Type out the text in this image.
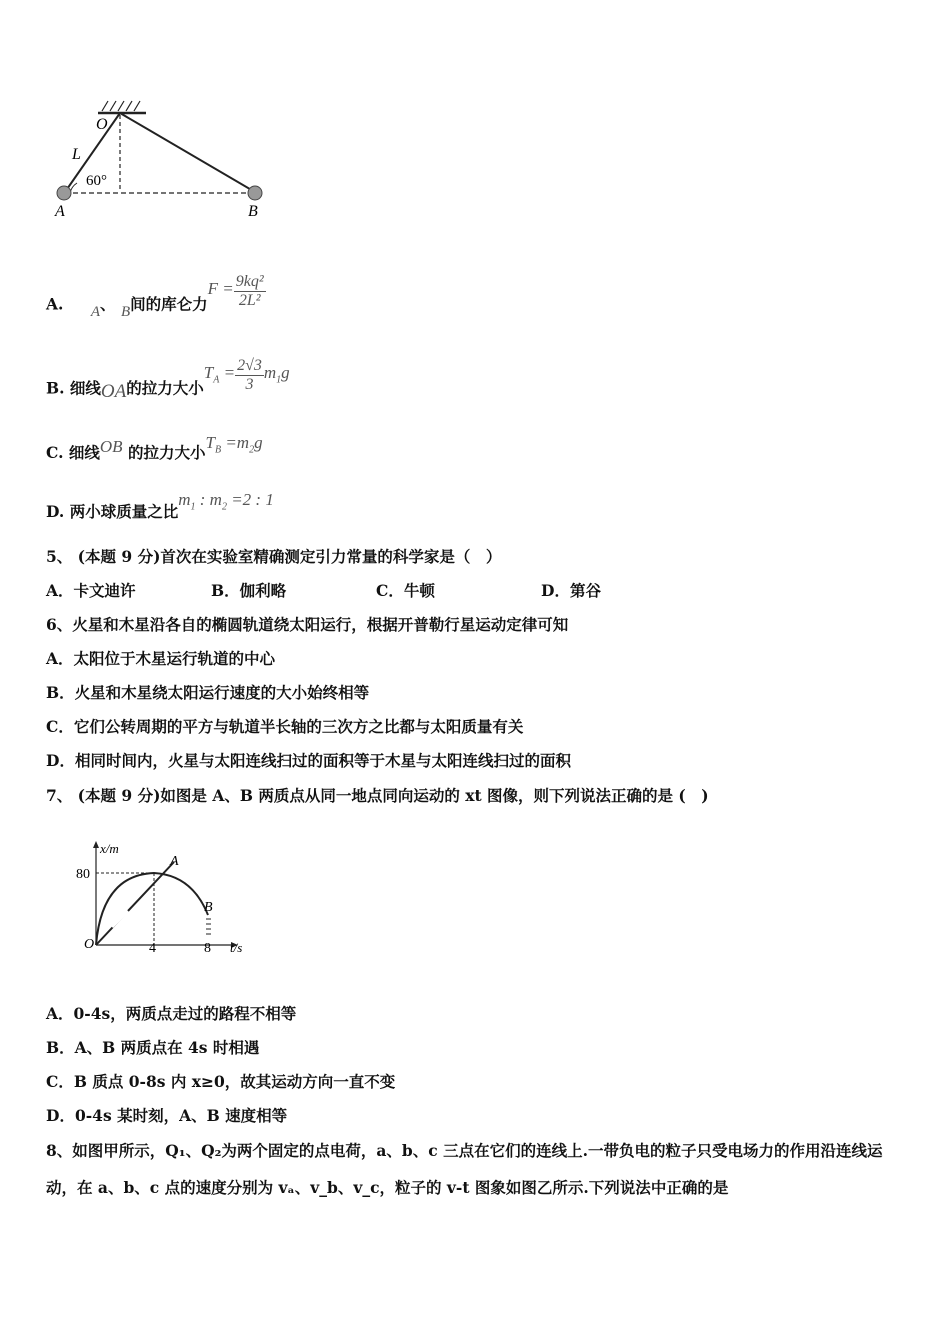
O
L
60°
A	B
A. A、 B间的库仑力$F = \frac{\text{9kq²}}{\text{2L²}}$
B. 细线OA的拉力大小$T_A = \frac{2√3}{3} m_1g$
C. 细线OB 的拉力大小$T_B =m_2g$
D. 两小球质量之比$m_1$ : $m_2 =2$ : 1
5、 (本题 9 分)首次在实验室精确测定引力常量的科学家是（　）
A．卡文迪许	B．伽利略	C．牛顿	D．第谷
6、火星和木星沿各自的椭圆轨道绕太阳运行，根据开普勒行星运动定律可知
A．太阳位于木星运行轨道的中心
B．火星和木星绕太阳运行速度的大小始终相等
C．它们公转周期的平方与轨道半长轴的三次方之比都与太阳质量有关
D．相同时间内，火星与太阳连线扫过的面积等于木星与太阳连线扫过的面积
7、 (本题 9 分)如图是 A、B 两质点从同一地点同向运动的 xt 图像，则下列说法正确的是 (　)
x/m
80
O	4	8 t/s
A
B
A．0-4s，两质点走过的路程不相等
B．A、B 两质点在 4s 时相遇
C．B 质点 0-8s 内 x≥0，故其运动方向一直不变
D．0-4s 某时刻，A、B 速度相等
8、如图甲所示，Q₁、Q₂为两个固定的点电荷，a、b、c 三点在它们的连线上.一带负电的粒子只受电场力的作用沿连线运
动，在 a、b、c 点的速度分别为 vₐ、v_b、v_c，粒子的 v-t 图象如图乙所示.下列说法中正确的是
